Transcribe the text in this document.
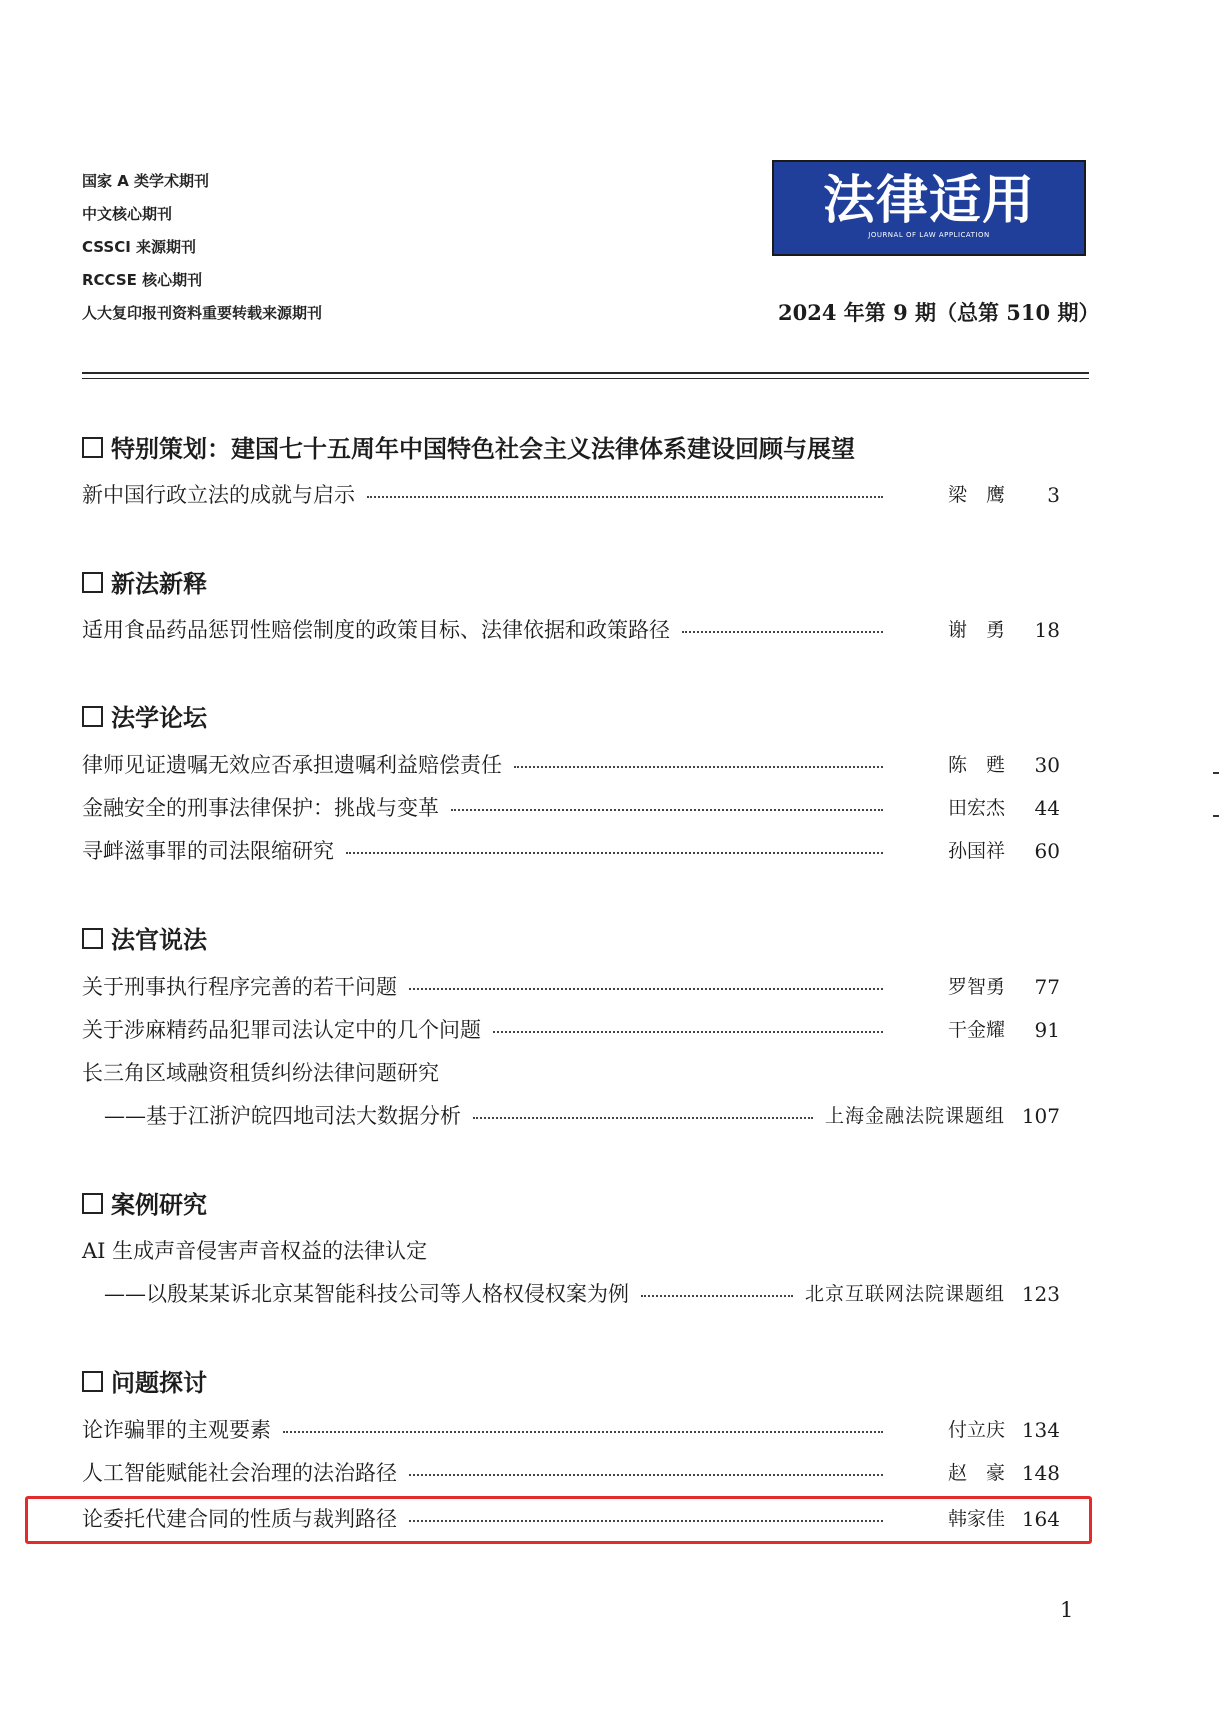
国家 A 类学术期刊
中文核心期刊
CSSCI 来源期刊
RCCSE 核心期刊
人大复印报刊资料重要转载来源期刊
法律适用
JOURNAL OF LAW APPLICATION
2024 年第 9 期（总第 510 期）
特别策划：建国七十五周年中国特色社会主义法律体系建设回顾与展望
新中国行政立法的成就与启示	梁　鹰	3
新法新释
适用食品药品惩罚性赔偿制度的政策目标、法律依据和政策路径	谢　勇	18
法学论坛
律师见证遗嘱无效应否承担遗嘱利益赔偿责任	陈　甦	30
金融安全的刑事法律保护：挑战与变革	田宏杰	44
寻衅滋事罪的司法限缩研究	孙国祥	60
法官说法
关于刑事执行程序完善的若干问题	罗智勇	77
关于涉麻精药品犯罪司法认定中的几个问题	干金耀	91
长三角区域融资租赁纠纷法律问题研究
——基于江浙沪皖四地司法大数据分析	上海金融法院课题组 107
案例研究
AI 生成声音侵害声音权益的法律认定
——以殷某某诉北京某智能科技公司等人格权侵权案为例	北京互联网法院课题组 123
问题探讨
论诈骗罪的主观要素	付立庆 134
人工智能赋能社会治理的法治路径	赵　豪 148
论委托代建合同的性质与裁判路径	韩家佳 164
1
